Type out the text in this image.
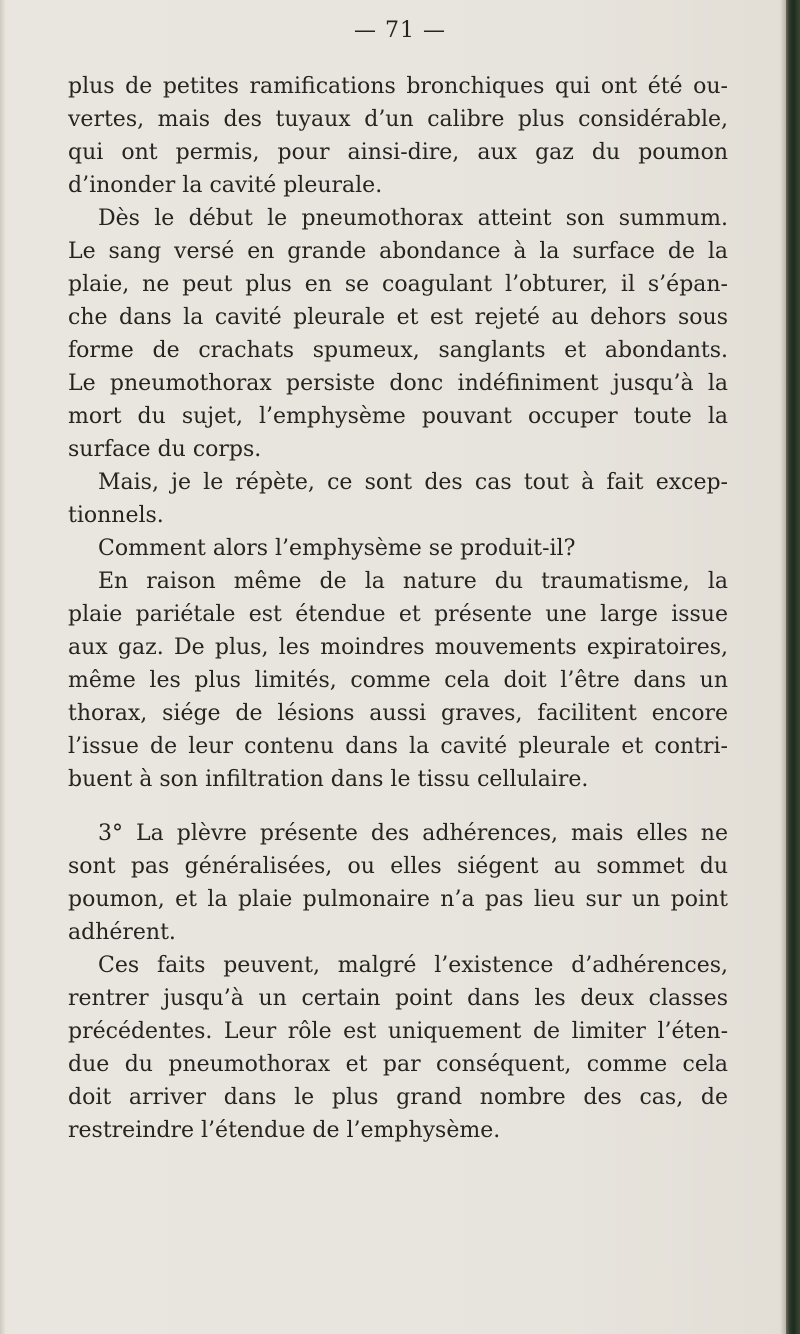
— 71 —
plus de petites ramifications bronchiques qui ont été ou-
vertes, mais des tuyaux d’un calibre plus considérable,
qui ont permis, pour ainsi-dire, aux gaz du poumon
d’inonder la cavité pleurale.
Dès le début le pneumothorax atteint son summum.
Le sang versé en grande abondance à la surface de la
plaie, ne peut plus en se coagulant l’obturer, il s’épan-
che dans la cavité pleurale et est rejeté au dehors sous
forme de crachats spumeux, sanglants et abondants.
Le pneumothorax persiste donc indéfiniment jusqu’à la
mort du sujet, l’emphysème pouvant occuper toute la
surface du corps.
Mais, je le répète, ce sont des cas tout à fait excep-
tionnels.
Comment alors l’emphysème se produit-il?
En raison même de la nature du traumatisme, la
plaie pariétale est étendue et présente une large issue
aux gaz. De plus, les moindres mouvements expiratoires,
même les plus limités, comme cela doit l’être dans un
thorax, siége de lésions aussi graves, facilitent encore
l’issue de leur contenu dans la cavité pleurale et contri-
buent à son infiltration dans le tissu cellulaire.
3° La plèvre présente des adhérences, mais elles ne
sont pas généralisées, ou elles siégent au sommet du
poumon, et la plaie pulmonaire n’a pas lieu sur un point
adhérent.
Ces faits peuvent, malgré l’existence d’adhérences,
rentrer jusqu’à un certain point dans les deux classes
précédentes. Leur rôle est uniquement de limiter l’éten-
due du pneumothorax et par conséquent, comme cela
doit arriver dans le plus grand nombre des cas, de
restreindre l’étendue de l’emphysème.
